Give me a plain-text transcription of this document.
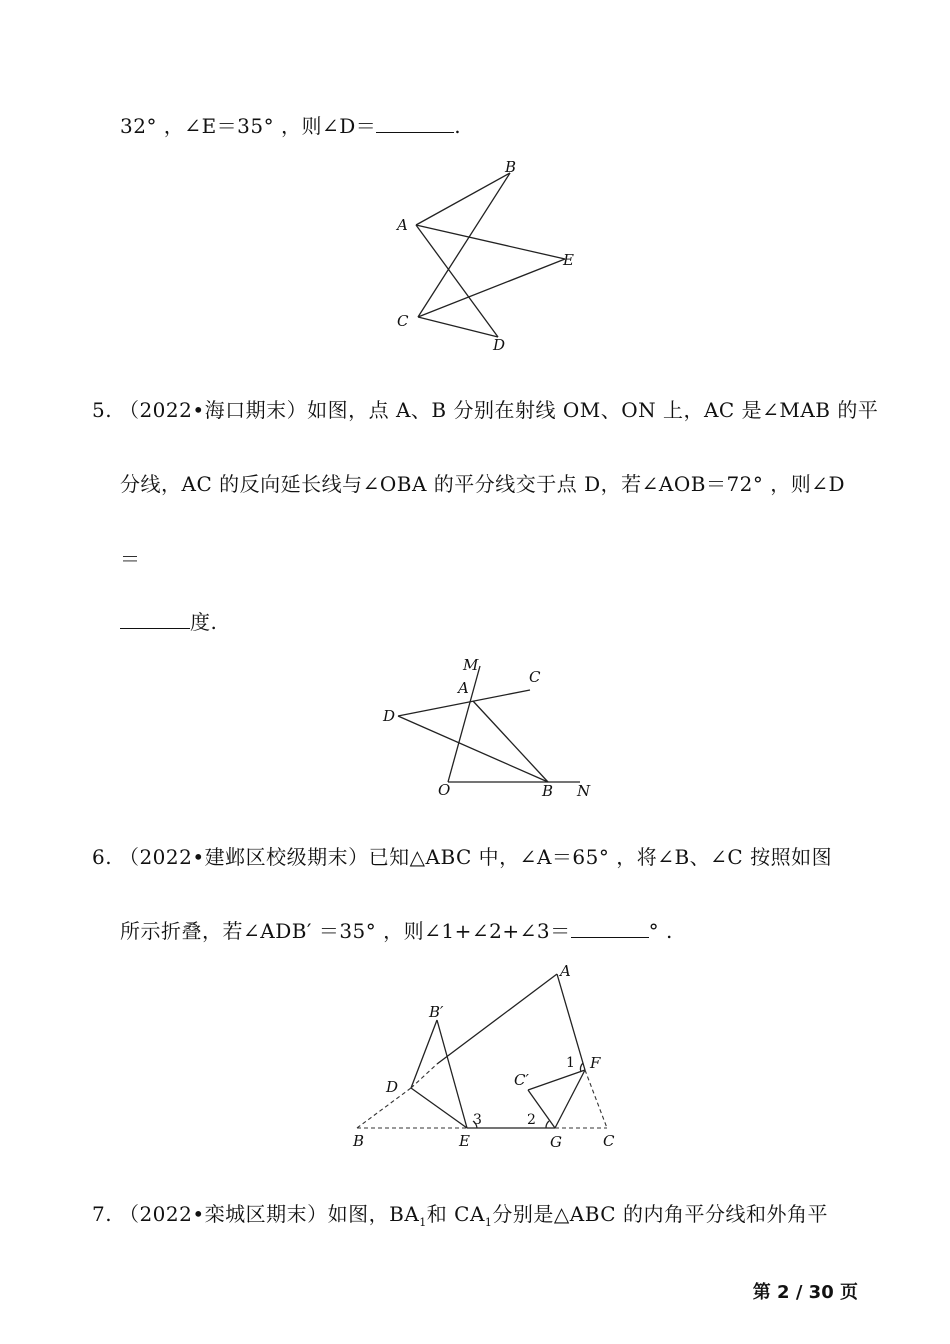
32° ，∠E＝35° ，则∠D＝	.
B
A
E
C
D
5. （2022•海口期末）如图，点 A、B 分别在射线 OM、ON 上，AC 是∠MAB 的平
分线，AC 的反向延长线与∠OBA 的平分线交于点 D，若∠AOB＝72° ，则∠D
＝
度.
M
A
C
D
O	B N
6. （2022•建邺区校级期末）已知△ABC 中，∠A＝65° ，将∠B、∠C 按照如图
所示折叠，若∠ADB′ ＝35° ，则∠1+∠2+∠3＝	° .
A
B′
C′
D
F
1
2
3
B	E	G	C
7. （2022•栾城区期末）如图，$BA_1$和 $CA_1$分别是△ABC 的内角平分线和外角平
第 2 / 30 页
